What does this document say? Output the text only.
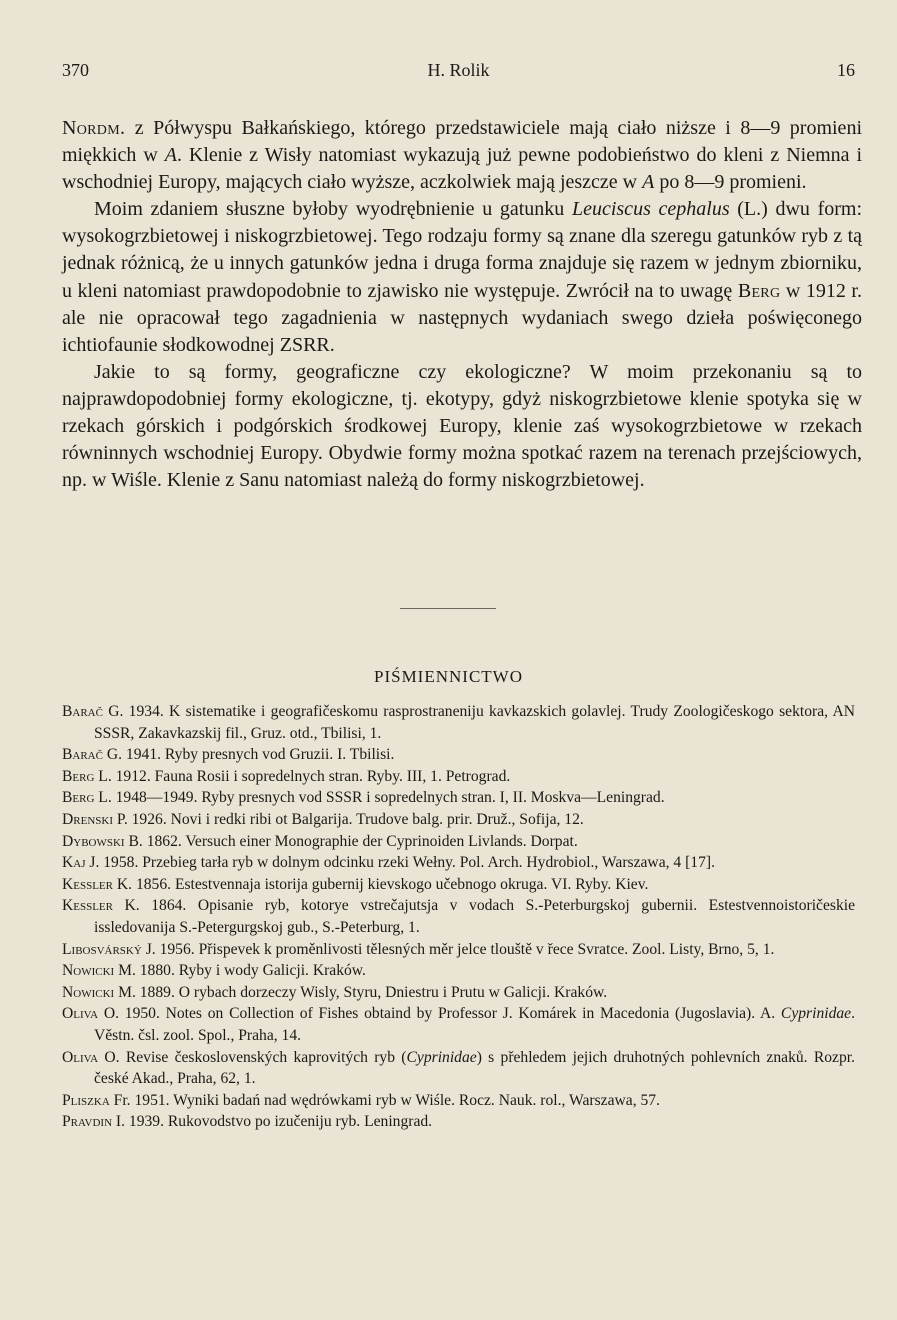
370	H. Rolik	16

Nordm. z Półwyspu Bałkańskiego, którego przedstawiciele mają ciało niższe i 8—9 promieni miękkich w A. Klenie z Wisły natomiast wykazują już pewne podobieństwo do kleni z Niemna i wschodniej Europy, mających ciało wyższe, aczkolwiek mają jeszcze w A po 8—9 promieni.

Moim zdaniem słuszne byłoby wyodrębnienie u gatunku Leuciscus cephalus (L.) dwu form: wysokogrzbietowej i niskogrzbietowej. Tego rodzaju formy są znane dla szeregu gatunków ryb z tą jednak różnicą, że u innych gatunków jedna i druga forma znajduje się razem w jednym zbiorniku, u kleni natomiast prawdopodobnie to zjawisko nie występuje. Zwrócił na to uwagę Berg w 1912 r. ale nie opracował tego zagadnienia w następnych wydaniach swego dzieła poświęconego ichtiofaunie słodkowodnej ZSRR.

Jakie to są formy, geograficzne czy ekologiczne? W moim przekonaniu są to najprawdopodobniej formy ekologiczne, tj. ekotypy, gdyż niskogrzbietowe klenie spotyka się w rzekach górskich i podgórskich środkowej Europy, klenie zaś wysokogrzbietowe w rzekach równinnych wschodniej Europy. Obydwie formy można spotkać razem na terenach przejściowych, np. w Wiśle. Klenie z Sanu natomiast należą do formy niskogrzbietowej.

PIŚMIENNICTWO
Barač G. 1934. K sistematike i geografičeskomu rasprostraneniju kavkazskich golavlej. Trudy Zoologičeskogo sektora, AN SSSR, Zakavkazskij fil., Gruz. otd., Tbilisi, 1.
Barač G. 1941. Ryby presnych vod Gruzii. I. Tbilisi.
Berg L. 1912. Fauna Rosii i sopredelnych stran. Ryby. III, 1. Petrograd.
Berg L. 1948—1949. Ryby presnych vod SSSR i sopredelnych stran. I, II. Moskva—Leningrad.
Drenski P. 1926. Novi i redki ribi ot Balgarija. Trudove balg. prir. Druž., Sofija, 12.
Dybowski B. 1862. Versuch einer Monographie der Cyprinoiden Livlands. Dorpat.
Kaj J. 1958. Przebieg tarła ryb w dolnym odcinku rzeki Wełny. Pol. Arch. Hydrobiol., Warszawa, 4 [17].
Kessler K. 1856. Estestvennaja istorija gubernij kievskogo učebnogo okruga. VI. Ryby. Kiev.
Kessler K. 1864. Opisanie ryb, kotorye vstrečajutsja v vodach S.-Peterburgskoj gubernii. Estestvennoistoričeskie issledovanija S.-Petergurgskoj gub., S.-Peterburg, 1.
Libosvárský J. 1956. Přispevek k proměnlivosti tělesných měr jelce tlouště v řece Svratce. Zool. Listy, Brno, 5, 1.
Nowicki M. 1880. Ryby i wody Galicji. Kraków.
Nowicki M. 1889. O rybach dorzeczy Wisly, Styru, Dniestru i Prutu w Galicji. Kraków.
Oliva O. 1950. Notes on Collection of Fishes obtaind by Professor J. Komárek in Macedonia (Jugoslavia). A. Cyprinidae. Věstn. čsl. zool. Spol., Praha, 14.
Oliva O. Revise československých kaprovitých ryb (Cyprinidae) s přehledem jejich druhotných pohlevních znaků. Rozpr. české Akad., Praha, 62, 1.
Pliszka Fr. 1951. Wyniki badań nad wędrówkami ryb w Wiśle. Rocz. Nauk. rol., Warszawa, 57.
Pravdin I. 1939. Rukovodstvo po izučeniju ryb. Leningrad.
